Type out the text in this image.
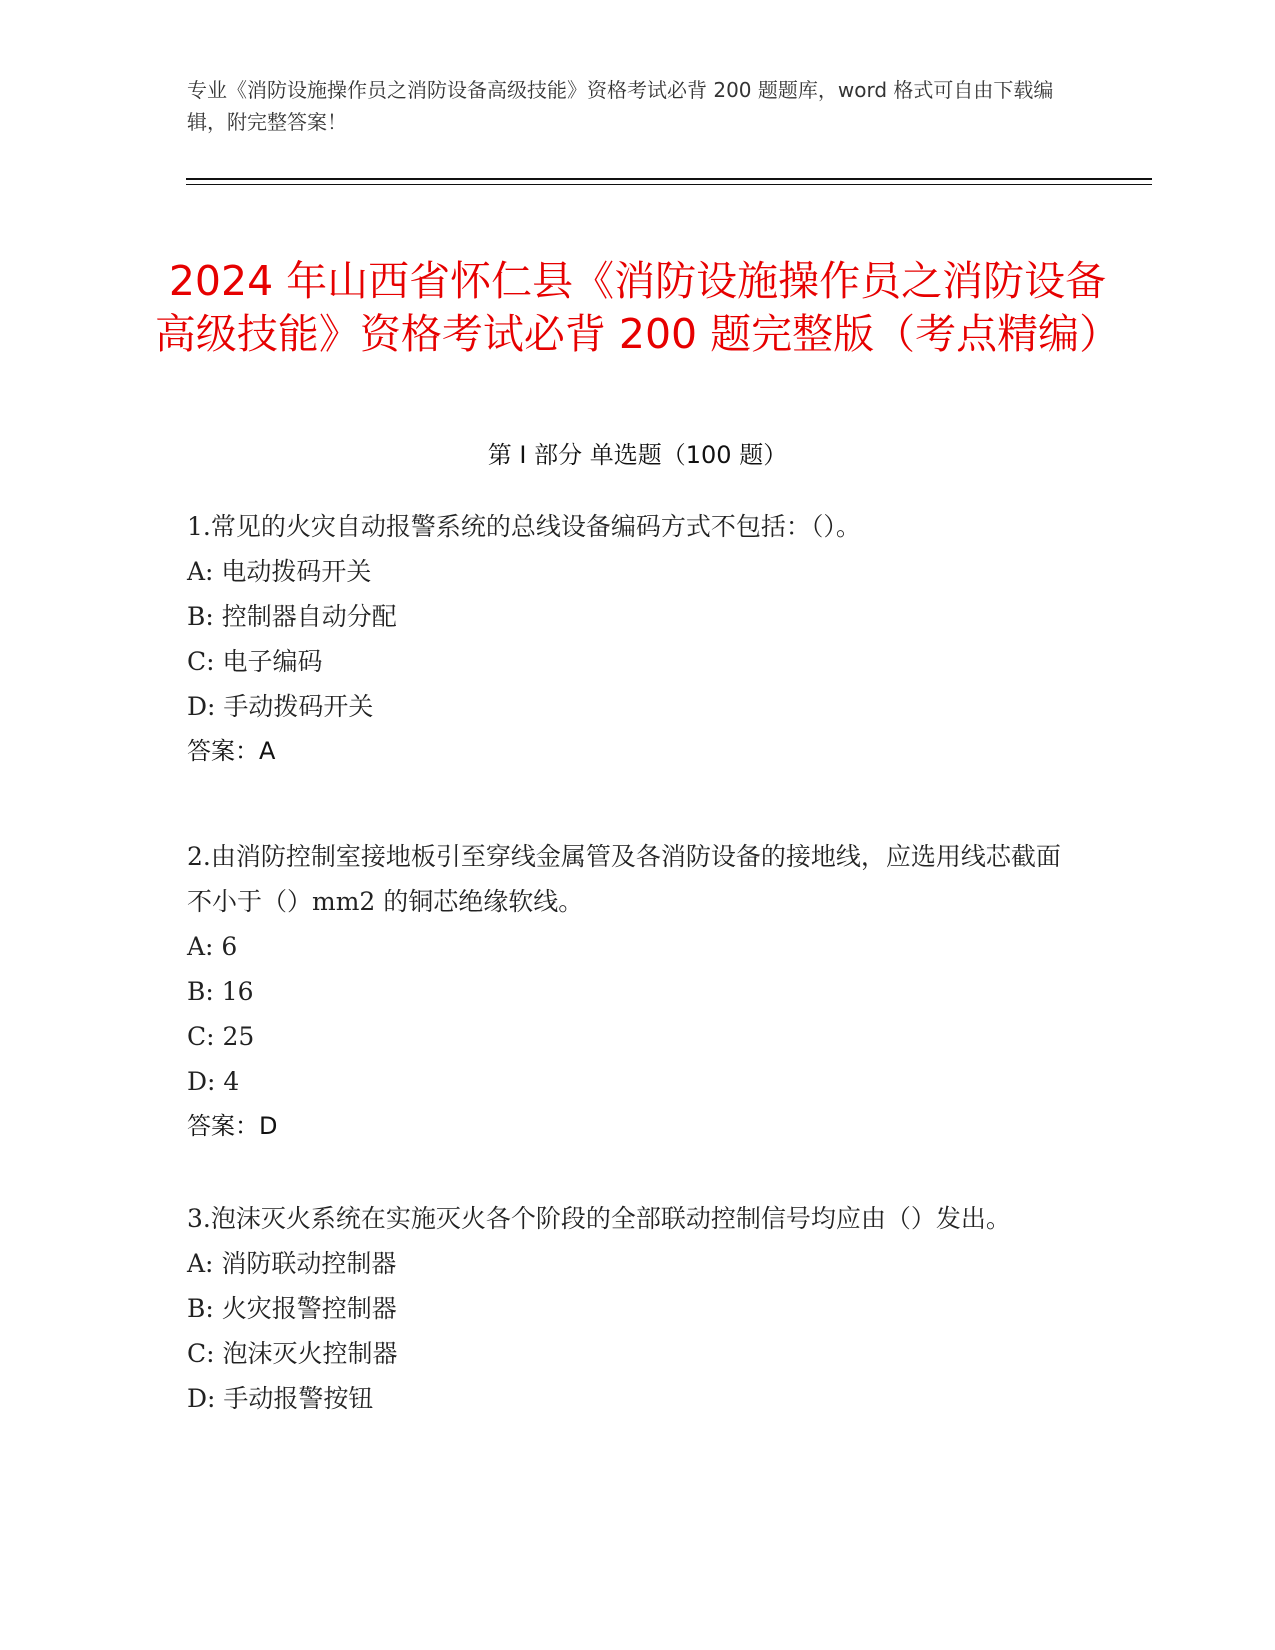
专业《消防设施操作员之消防设备高级技能》资格考试必背 200 题题库，word 格式可自由下载编辑，附完整答案！
2024 年山西省怀仁县《消防设施操作员之消防设备高级技能》资格考试必背 200 题完整版（考点精编）
第 I 部分 单选题（100 题）

1.常见的火灾自动报警系统的总线设备编码方式不包括：（）。

A: 电动拨码开关

B: 控制器自动分配

C: 电子编码

D: 手动拨码开关

答案：A

2.由消防控制室接地板引至穿线金属管及各消防设备的接地线，应选用线芯截面不小于（）mm2 的铜芯绝缘软线。

A: 6

B: 16

C: 25

D: 4

答案：D

3.泡沫灭火系统在实施灭火各个阶段的全部联动控制信号均应由（）发出。

A: 消防联动控制器

B: 火灾报警控制器

C: 泡沫灭火控制器

D: 手动报警按钮
